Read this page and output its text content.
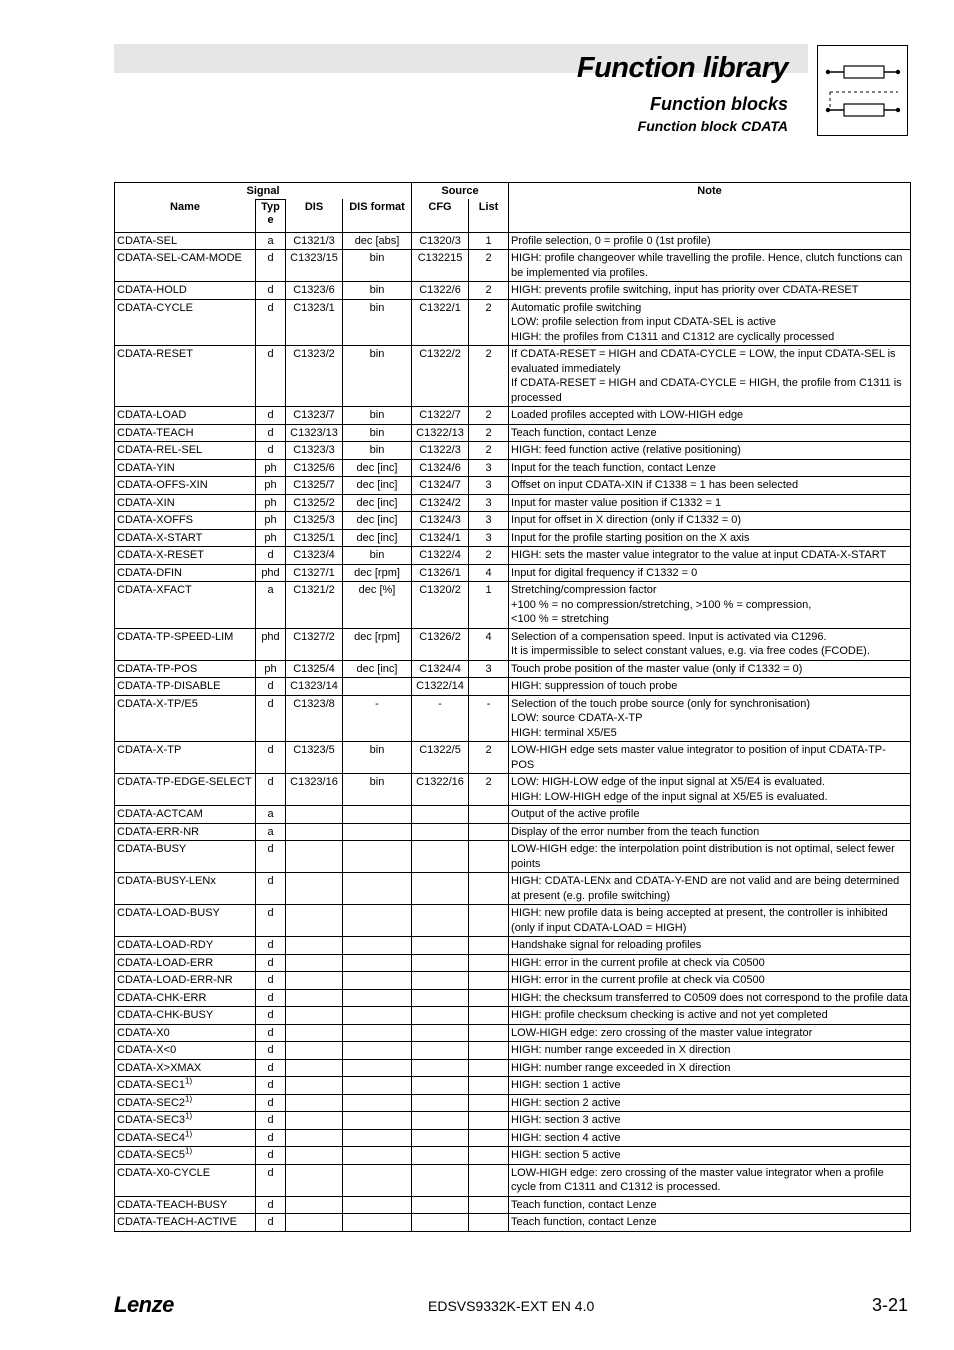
Function library
Function blocks
Function block CDATA
Signal				Source		Note
Name	Typ e	DIS	DIS format	CFG	List	
CDATA-SEL	a	C1321/3	dec [abs]	C1320/3	1	Profile selection, 0 = profile 0 (1st profile)

CDATA-SEL-CAM-MODE	d	C1323/15	bin	C132215	2	HIGH: profile changeover while travelling the profile. Hence, clutch functions can be implemented via profiles.

CDATA-HOLD	d	C1323/6	bin	C1322/6	2	HIGH: prevents profile switching, input has priority over CDATA-RESET

CDATA-CYCLE	d	C1323/1	bin	C1322/1	2	Automatic profile switching
LOW: profile selection from input CDATA-SEL is active
HIGH: the profiles from C1311 and C1312 are cyclically processed

CDATA-RESET	d	C1323/2	bin	C1322/2	2	If CDATA-RESET = HIGH and CDATA-CYCLE = LOW, the input CDATA-SEL is evaluated immediately
If CDATA-RESET = HIGH and CDATA-CYCLE = HIGH, the profile from C1311 is processed

CDATA-LOAD	d	C1323/7	bin	C1322/7	2	Loaded profiles accepted with LOW-HIGH edge

CDATA-TEACH	d	C1323/13	bin	C1322/13	2	Teach function, contact Lenze

CDATA-REL-SEL	d	C1323/3	bin	C1322/3	2	HIGH: feed function active (relative positioning)

CDATA-YIN	ph	C1325/6	dec [inc]	C1324/6	3	Input for the teach function, contact Lenze

CDATA-OFFS-XIN	ph	C1325/7	dec [inc]	C1324/7	3	Offset on input CDATA-XIN if C1338 = 1 has been selected

CDATA-XIN	ph	C1325/2	dec [inc]	C1324/2	3	Input for master value position if C1332 = 1

CDATA-XOFFS	ph	C1325/3	dec [inc]	C1324/3	3	Input for offset in X direction (only if C1332 = 0)

CDATA-X-START	ph	C1325/1	dec [inc]	C1324/1	3	Input for the profile starting position on the X axis

CDATA-X-RESET	d	C1323/4	bin	C1322/4	2	HIGH: sets the master value integrator to the value at input CDATA-X-START

CDATA-DFIN	phd	C1327/1	dec [rpm]	C1326/1	4	Input for digital frequency if C1332 = 0

CDATA-XFACT	a	C1321/2	dec [%]	C1320/2	1	Stretching/compression factor
+100 % = no compression/stretching, >100 % = compression,
<100 % = stretching

CDATA-TP-SPEED-LIM	phd	C1327/2	dec [rpm]	C1326/2	4	Selection of a compensation speed. Input is activated via C1296.
It is impermissible to select constant values, e.g. via free codes (FCODE).

CDATA-TP-POS	ph	C1325/4	dec [inc]	C1324/4	3	Touch probe position of the master value (only if C1332 = 0)

CDATA-TP-DISABLE	d	C1323/14		C1322/14		HIGH: suppression of touch probe

CDATA-X-TP/E5	d	C1323/8	-	-	-	Selection of the touch probe source (only for synchronisation)
LOW: source CDATA-X-TP
HIGH: terminal X5/E5

CDATA-X-TP	d	C1323/5	bin	C1322/5	2	LOW-HIGH edge sets master value integrator to position of input CDATA-TP-POS

CDATA-TP-EDGE-SELECT	d	C1323/16	bin	C1322/16	2	LOW: HIGH-LOW edge of the input signal at X5/E4 is evaluated.
HIGH: LOW-HIGH edge of the input signal at X5/E5 is evaluated.

CDATA-ACTCAM	a					Output of the active profile

CDATA-ERR-NR	a					Display of the error number from the teach function

CDATA-BUSY	d					LOW-HIGH edge: the interpolation point distribution is not optimal, select fewer points

CDATA-BUSY-LENx	d					HIGH: CDATA-LENx and CDATA-Y-END are not valid and are being determined at present (e.g. profile switching)

CDATA-LOAD-BUSY	d					HIGH: new profile data is being accepted at present, the controller is inhibited (only if input CDATA-LOAD = HIGH)

CDATA-LOAD-RDY	d					Handshake signal for reloading profiles

CDATA-LOAD-ERR	d					HIGH: error in the current profile at check via C0500

CDATA-LOAD-ERR-NR	d					HIGH: error in the current profile at check via C0500

CDATA-CHK-ERR	d					HIGH: the checksum transferred to C0509 does not correspond to the profile data

CDATA-CHK-BUSY	d					HIGH: profile checksum checking is active and not yet completed

CDATA-X0	d					LOW-HIGH edge: zero crossing of the master value integrator

CDATA-X<0	d					HIGH: number range exceeded in X direction

CDATA-X>XMAX	d					HIGH: number range exceeded in X direction

CDATA-SEC1$^{1)}$	d					HIGH: section 1 active

CDATA-SEC2$^{1)}$	d					HIGH: section 2 active

CDATA-SEC3$^{1)}$	d					HIGH: section 3 active

CDATA-SEC4$^{1)}$	d					HIGH: section 4 active

CDATA-SEC5$^{1)}$	d					HIGH: section 5 active

CDATA-X0-CYCLE	d					LOW-HIGH edge: zero crossing of the master value integrator when a profile cycle from C1311 and C1312 is processed.

CDATA-TEACH-BUSY	d					Teach function, contact Lenze

CDATA-TEACH-ACTIVE	d					Teach function, contact Lenze
Lenze	EDSVS9332K-EXT EN 4.0	3-21
